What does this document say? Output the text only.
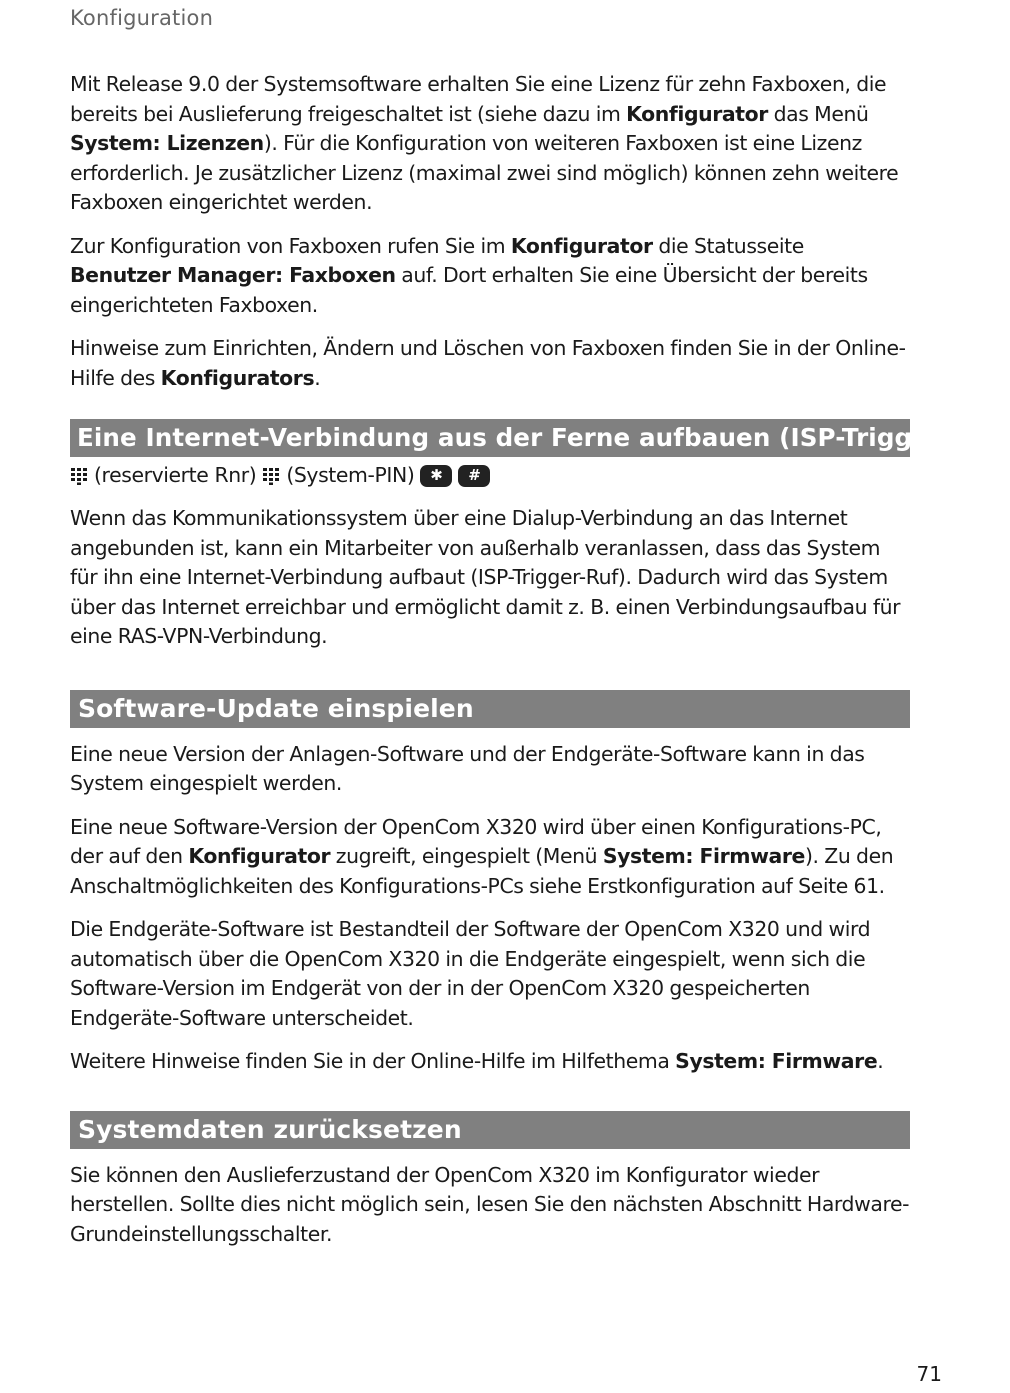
Konfiguration

Mit Release 9.0 der Systemsoftware erhalten Sie eine Lizenz für zehn Faxboxen, die bereits bei Auslieferung freigeschaltet ist (siehe dazu im Konfigurator das Menü System: Lizenzen). Für die Konfiguration von weiteren Faxboxen ist eine Lizenz erforderlich. Je zusätzlicher Lizenz (maximal zwei sind möglich) können zehn weitere Faxboxen eingerichtet werden.

Zur Konfiguration von Faxboxen rufen Sie im Konfigurator die Statusseite Benutzer Manager: Faxboxen auf. Dort erhalten Sie eine Übersicht der bereits eingerichteten Faxboxen.

Hinweise zum Einrichten, Ändern und Löschen von Faxboxen finden Sie in der Online-Hilfe des Konfigurators.

Eine Internet-Verbindung aus der Ferne aufbauen (ISP-Trigger-Ruf)
(reservierte Rnr) (System-PIN)	✱	#

Wenn das Kommunikationssystem über eine Dialup-Verbindung an das Internet angebunden ist, kann ein Mitarbeiter von außerhalb veranlassen, dass das System für ihn eine Internet-Verbindung aufbaut (ISP-Trigger-Ruf). Dadurch wird das System über das Internet erreichbar und ermöglicht damit z. B. einen Verbindungsaufbau für eine RAS-VPN-Verbindung.

Software-Update einspielen

Eine neue Version der Anlagen-Software und der Endgeräte-Software kann in das System eingespielt werden.

Eine neue Software-Version der OpenCom X320 wird über einen Konfigurations-PC, der auf den Konfigurator zugreift, eingespielt (Menü System: Firmware). Zu den Anschaltmöglichkeiten des Konfigurations-PCs siehe Erstkonfiguration auf Seite 61.

Die Endgeräte-Software ist Bestandteil der Software der OpenCom X320 und wird automatisch über die OpenCom X320 in die Endgeräte eingespielt, wenn sich die Software-Version im Endgerät von der in der OpenCom X320 gespeicherten Endgeräte-Software unterscheidet.

Weitere Hinweise finden Sie in der Online-Hilfe im Hilfethema System: Firmware.

Systemdaten zurücksetzen

Sie können den Auslieferzustand der OpenCom X320 im Konfigurator wieder herstellen. Sollte dies nicht möglich sein, lesen Sie den nächsten Abschnitt Hardware-Grundeinstellungsschalter.

71
